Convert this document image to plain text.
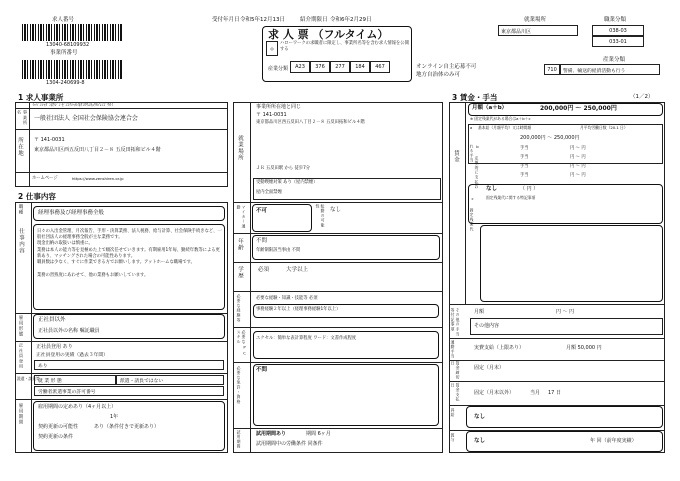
求人番号
13040-68109932
事業所番号
1304-240699-8
受付年月日 令和5年12月13日	紹介期限日 令和6年2月29日
求 人 票 （フルタイム）
◎
ハローワークの求職者に限定し、事業所名等を含む求人情報を公開する
産業分類	A23	376	277	184	467	オンライン自主応募不可
地方自治体のみ可
就業場所
東京都品川区
職業分類
038-03
033-01
産業分類
710	警備、輸送的経済活動も行う
1 求人事業所
ｲｯﾊﾟﾝｼｬﾀﾞﾝﾎｳｼﾞﾝ ｾﾞﾝｺｸｼｬｶｲﾎｹﾝﾛｳﾑｷｮｳｶｲﾚﾝｺﾞｳｶｲ
事業所名
一般社団法人 全国社会保険協会連合会
所在地 〒 141-0031
東京都品川区西五反田八丁目２－８ 五反田拓和ビル４階
ホームページ	https://www.zenshiren.or.jp
2 仕事内容
職種	経理事務及び経理事務全般
仕事内容	日々の入出金管理、月次報告、手形・決算業務、法人税務、給与計算、社会保険手続きなど、一般社団法人の経理事務全般が主な業務です。
現金出納の取扱いは慎重に。
業務は本人の能力等を見極めた上で順次任せていきます。有期雇用1年毎、勤続年数等による更新あり、マッチングされた場合の可能性あります。
職員数は少なく、すぐに作業できる方でお願いします。アットホームな職場です。

業務の習熟度にあわせて、他の業務もお願いしています。
雇用形態	正社員以外
正社員以外の名称 嘱託職員
正社員登用 正社員登用 あり
正社員登用の実績（過去３年間）
あり
派遣・請負等
就 業 形 態	派遣・請負ではない
労働者派遣事業の許可番号
雇用期間	雇用期間の定めあり（4ヶ月以上）
1年
契約更新の可能性	あり（条件付きで更新あり）
契約更新の条件
就業場所
事業所所在地と同じ
〒 141-0031
東京都品川区西五反田八丁目２－８ 五反田拓和ビル４階
ＪＲ 五反田駅 から 徒歩7分
受動喫煙対策 あり（屋内禁煙）
屋内全面禁煙
マイカー通勤
不可	転勤の可能性
なし
年齢 不問
年齢制限該当事由 不問
学歴	必須	大学以上
必要な経験等	必要な経験・知識・技能等 必須
事務経験２年以上（経理事務経験1年以上）
必要なPCスキル	エクセル：簡単な表計算程度 ワード：文書作成程度
必要な免許・資格	不問
試用期間	試用期間あり	期間 6ヶ月
試用期間中の労働条件 同条件
3 賃金・手当	（1／2）
賃金
月額（a＋b）	200,000円 ～ 250,000円
※ 固定残業代がある場合はa＋b＋c
a 基本給（月額平均）又は時間額	月平均労働日数（20.1 日）
200,000円 ～ 250,000円
b 定額的に支払われる手当	手当	円 ～ 円
手当	円 ～ 円
手当	円 ～ 円
手当	円 ～ 円
c 固定残業代
なし	（ 円 ）
固定残業代に関する特記事項
その他の手当等付記事項	月額	円 ～ 円
その他内容
通勤手当	実費支給（上限あり）	月額 50,000 円
賃金締切日
固定（月末）
賃金支払日
固定（月末以外）	当月 17 日
昇給	なし
賞与	なし	年 回（前年度実績）
